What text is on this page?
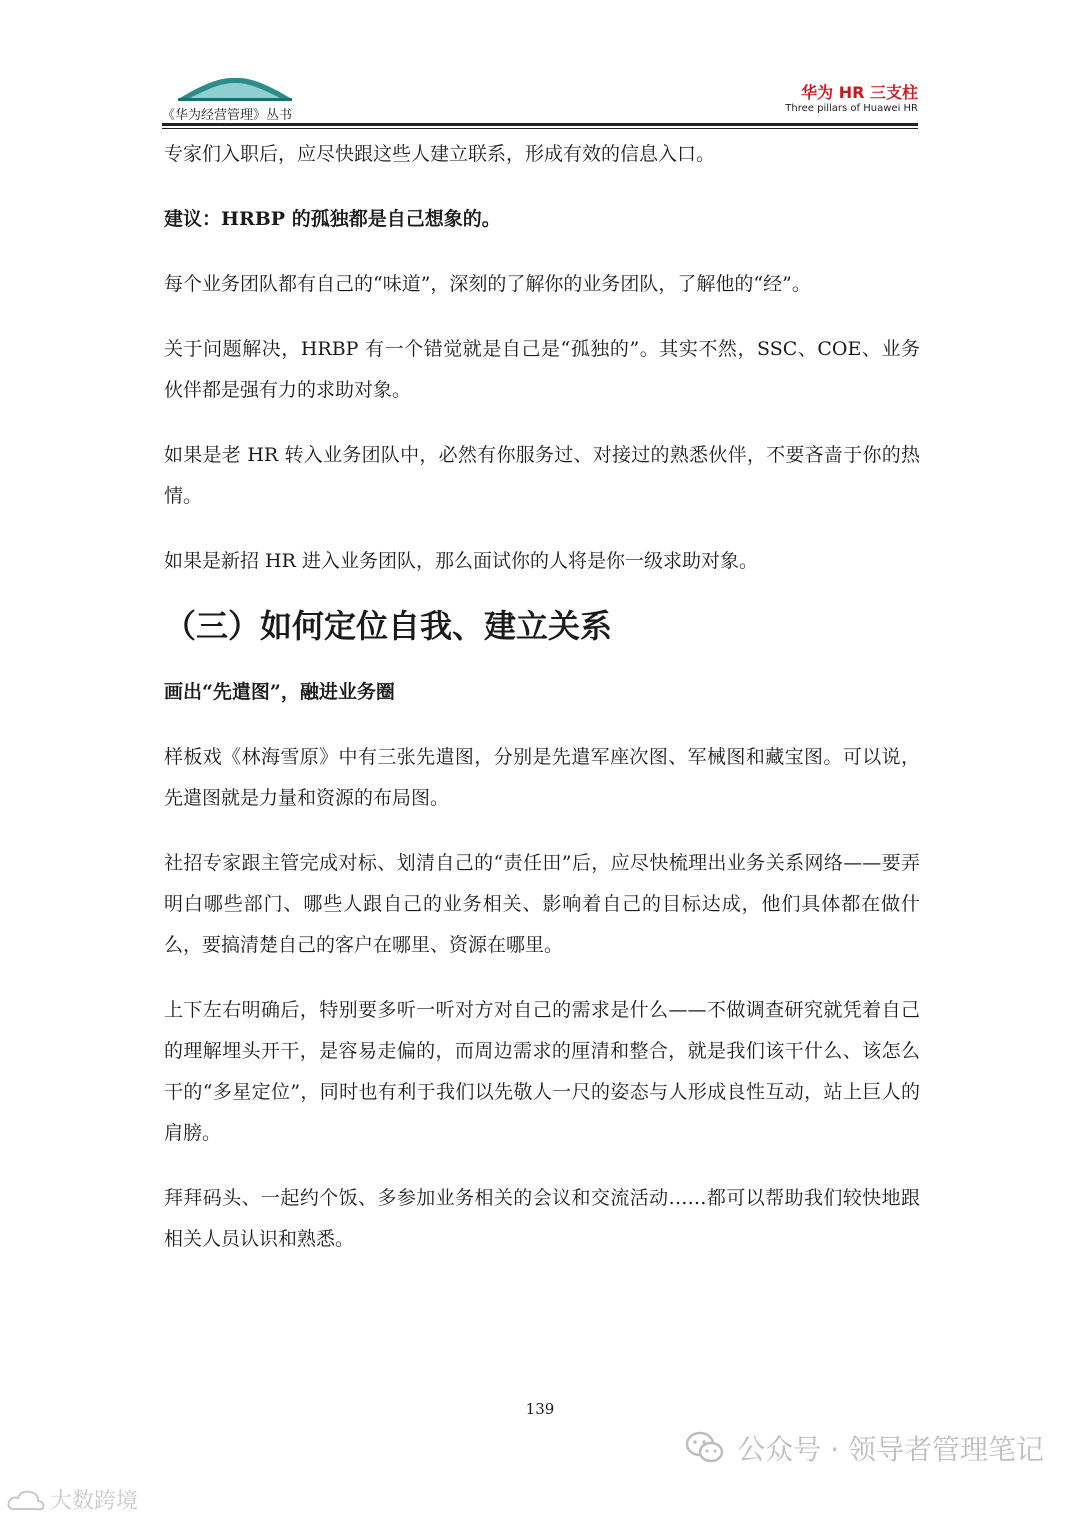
《华为经营管理》丛书
华为 HR 三支柱
Three pillars of Huawei HR

专家们入职后，应尽快跟这些人建立联系，形成有效的信息入口。

建议：HRBP 的孤独都是自己想象的。

每个业务团队都有自己的“味道”，深刻的了解你的业务团队，了解他的“经”。

关于问题解决，HRBP 有一个错觉就是自己是“孤独的”。其实不然，SSC、COE、业务伙伴都是强有力的求助对象。

如果是老 HR 转入业务团队中，必然有你服务过、对接过的熟悉伙伴，不要吝啬于你的热情。

如果是新招 HR 进入业务团队，那么面试你的人将是你一级求助对象。

（三）如何定位自我、建立关系

画出“先遣图”，融进业务圈

样板戏《林海雪原》中有三张先遣图，分别是先遣军座次图、军械图和藏宝图。可以说，先遣图就是力量和资源的布局图。

社招专家跟主管完成对标、划清自己的“责任田”后，应尽快梳理出业务关系网络——要弄明白哪些部门、哪些人跟自己的业务相关、影响着自己的目标达成，他们具体都在做什么，要搞清楚自己的客户在哪里、资源在哪里。

上下左右明确后，特别要多听一听对方对自己的需求是什么——不做调查研究就凭着自己的理解埋头开干，是容易走偏的，而周边需求的厘清和整合，就是我们该干什么、该怎么干的“多星定位”，同时也有利于我们以先敬人一尺的姿态与人形成良性互动，站上巨人的肩膀。

拜拜码头、一起约个饭、多参加业务相关的会议和交流活动……都可以帮助我们较快地跟相关人员认识和熟悉。

139
大数跨境
公众号 · 领导者管理笔记
